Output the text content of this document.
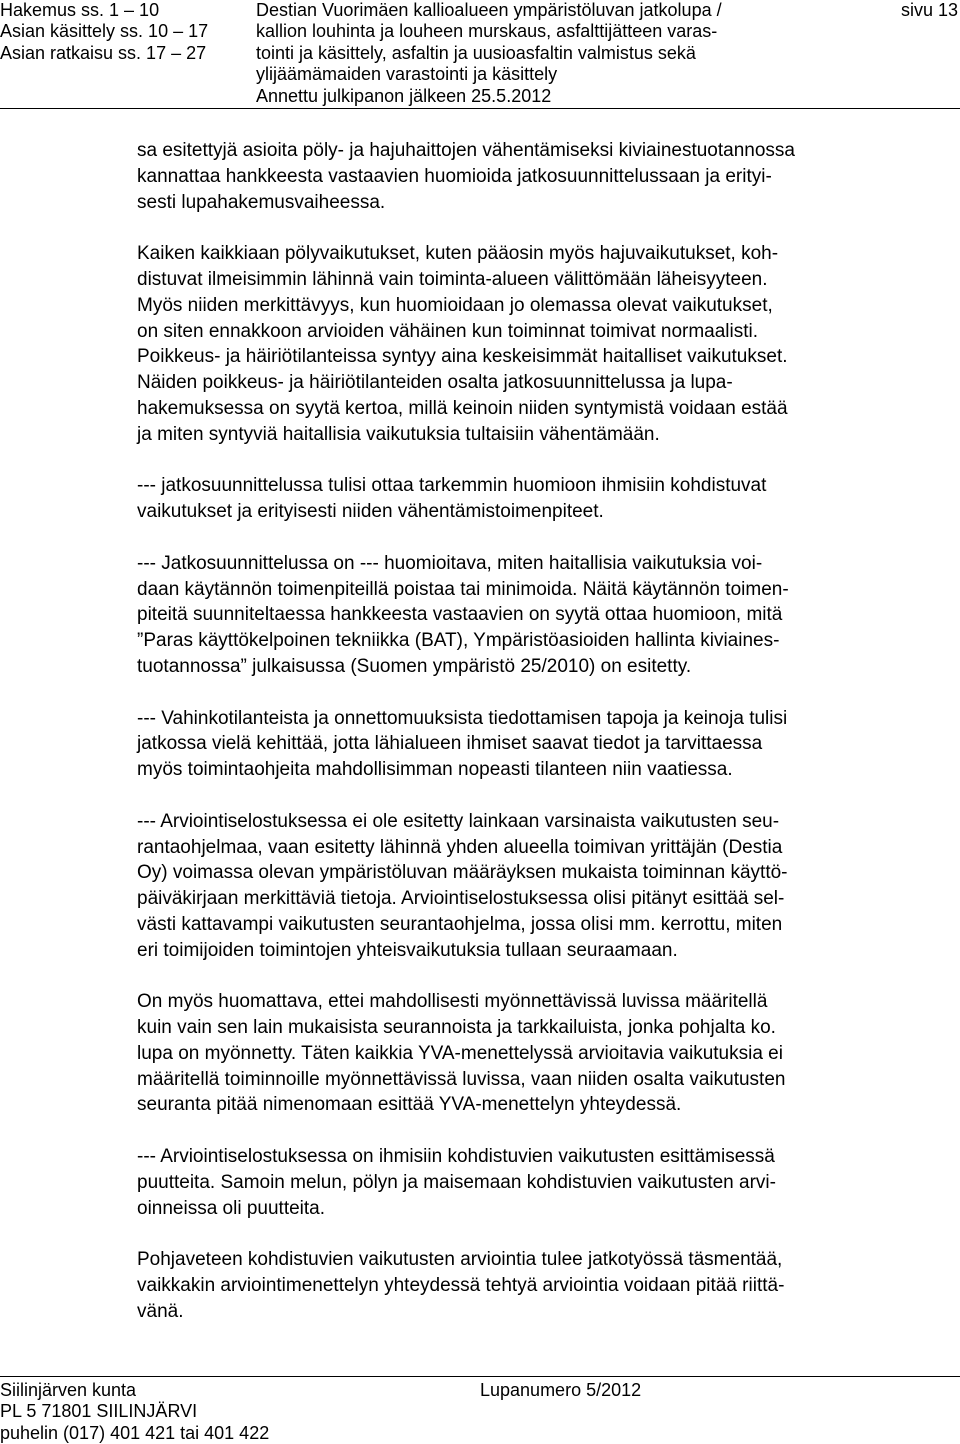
Hakemus ss. 1 – 10
Asian käsittely ss. 10 – 17
Asian ratkaisu ss. 17 – 27
Destian Vuorimäen kallioalueen ympäristöluvan jatkolupa /
kallion louhinta ja louheen murskaus, asfalttijätteen varas-
tointi ja käsittely, asfaltin ja uusioasfaltin valmistus sekä
ylijäämämaiden varastointi ja käsittely
Annettu julkipanon jälkeen 25.5.2012
sivu 13

sa esitettyjä asioita pöly- ja hajuhaittojen vähentämiseksi kiviainestuotannossa
kannattaa hankkeesta vastaavien huomioida jatkosuunnittelussaan ja erityi-
sesti lupahakemusvaiheessa.

Kaiken kaikkiaan pölyvaikutukset, kuten pääosin myös hajuvaikutukset, koh-
distuvat ilmeisimmin lähinnä vain toiminta-alueen välittömään läheisyyteen.

Myös niiden merkittävyys, kun huomioidaan jo olemassa olevat vaikutukset,
on siten ennakkoon arvioiden vähäinen kun toiminnat toimivat normaalisti.
Poikkeus- ja häiriötilanteissa syntyy aina keskeisimmät haitalliset vaikutukset.
Näiden poikkeus- ja häiriötilanteiden osalta jatkosuunnittelussa ja lupa-
hakemuksessa on syytä kertoa, millä keinoin niiden syntymistä voidaan estää
ja miten syntyviä haitallisia vaikutuksia tultaisiin vähentämään.

--- jatkosuunnittelussa tulisi ottaa tarkemmin huomioon ihmisiin kohdistuvat
vaikutukset ja erityisesti niiden vähentämistoimenpiteet.

--- Jatkosuunnittelussa on --- huomioitava, miten haitallisia vaikutuksia voi-
daan käytännön toimenpiteillä poistaa tai minimoida. Näitä käytännön toimen-
piteitä suunniteltaessa hankkeesta vastaavien on syytä ottaa huomioon, mitä
”Paras käyttökelpoinen tekniikka (BAT), Ympäristöasioiden hallinta kiviaines-
tuotannossa” julkaisussa (Suomen ympäristö 25/2010) on esitetty.

--- Vahinkotilanteista ja onnettomuuksista tiedottamisen tapoja ja keinoja tulisi
jatkossa vielä kehittää, jotta lähialueen ihmiset saavat tiedot ja tarvittaessa
myös toimintaohjeita mahdollisimman nopeasti tilanteen niin vaatiessa.

--- Arviointiselostuksessa ei ole esitetty lainkaan varsinaista vaikutusten seu-
rantaohjelmaa, vaan esitetty lähinnä yhden alueella toimivan yrittäjän (Destia
Oy) voimassa olevan ympäristöluvan määräyksen mukaista toiminnan käyttö-
päiväkirjaan merkittäviä tietoja. Arviointiselostuksessa olisi pitänyt esittää sel-
västi kattavampi vaikutusten seurantaohjelma, jossa olisi mm. kerrottu, miten
eri toimijoiden toimintojen yhteisvaikutuksia tullaan seuraamaan.

On myös huomattava, ettei mahdollisesti myönnettävissä luvissa määritellä
kuin vain sen lain mukaisista seurannoista ja tarkkailuista, jonka pohjalta ko.
lupa on myönnetty. Täten kaikkia YVA-menettelyssä arvioitavia vaikutuksia ei
määritellä toiminnoille myönnettävissä luvissa, vaan niiden osalta vaikutusten
seuranta pitää nimenomaan esittää YVA-menettelyn yhteydessä.

--- Arviointiselostuksessa on ihmisiin kohdistuvien vaikutusten esittämisessä
puutteita. Samoin melun, pölyn ja maisemaan kohdistuvien vaikutusten arvi-
oinneissa oli puutteita.

Pohjaveteen kohdistuvien vaikutusten arviointia tulee jatkotyössä täsmentää,
vaikkakin arviointimenettelyn yhteydessä tehtyä arviointia voidaan pitää riittä-
vänä.

Siilinjärven kunta
PL 5 71801 SIILINJÄRVI
puhelin (017) 401 421 tai 401 422
Lupanumero 5/2012
